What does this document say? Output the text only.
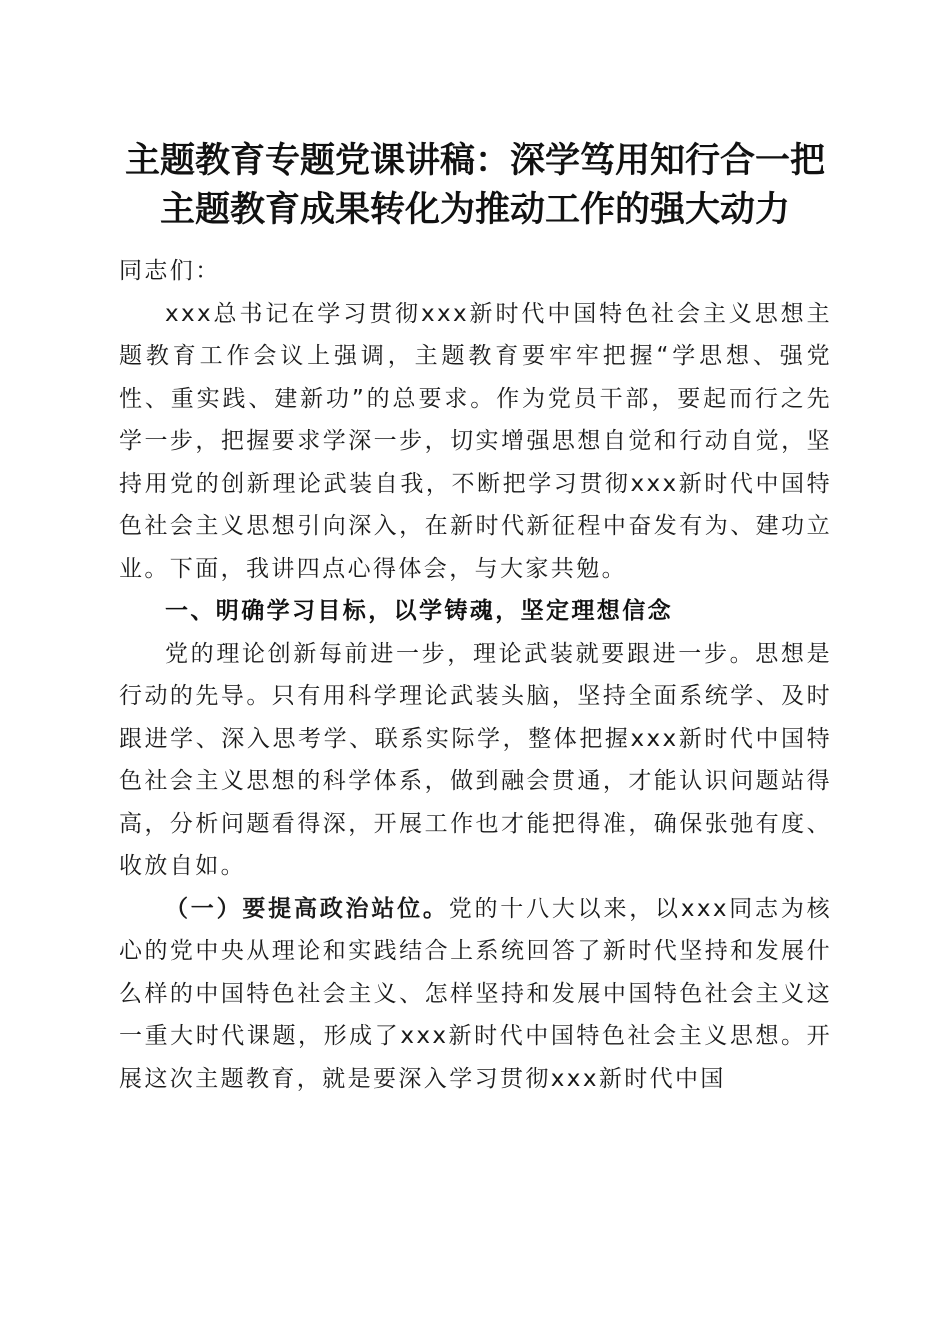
主题教育专题党课讲稿：深学笃用知行合一把
主题教育成果转化为推动工作的强大动力

同志们：

xxx总书记在学习贯彻xxx新时代中国特色社会主义思想主题教育工作会议上强调，主题教育要牢牢把握“学思想、强党性、重实践、建新功”的总要求。作为党员干部，要起而行之先学一步，把握要求学深一步，切实增强思想自觉和行动自觉，坚持用党的创新理论武装自我，不断把学习贯彻xxx新时代中国特色社会主义思想引向深入，在新时代新征程中奋发有为、建功立业。下面，我讲四点心得体会，与大家共勉。

一、明确学习目标，以学铸魂，坚定理想信念

党的理论创新每前进一步，理论武装就要跟进一步。思想是行动的先导。只有用科学理论武装头脑，坚持全面系统学、及时跟进学、深入思考学、联系实际学，整体把握xxx新时代中国特色社会主义思想的科学体系，做到融会贯通，才能认识问题站得高，分析问题看得深，开展工作也才能把得准，确保张弛有度、收放自如。

（一）要提高政治站位。党的十八大以来，以xxx同志为核心的党中央从理论和实践结合上系统回答了新时代坚持和发展什么样的中国特色社会主义、怎样坚持和发展中国特色社会主义这一重大时代课题，形成了xxx新时代中国特色社会主义思想。开展这次主题教育，就是要深入学习贯彻xxx新时代中国
